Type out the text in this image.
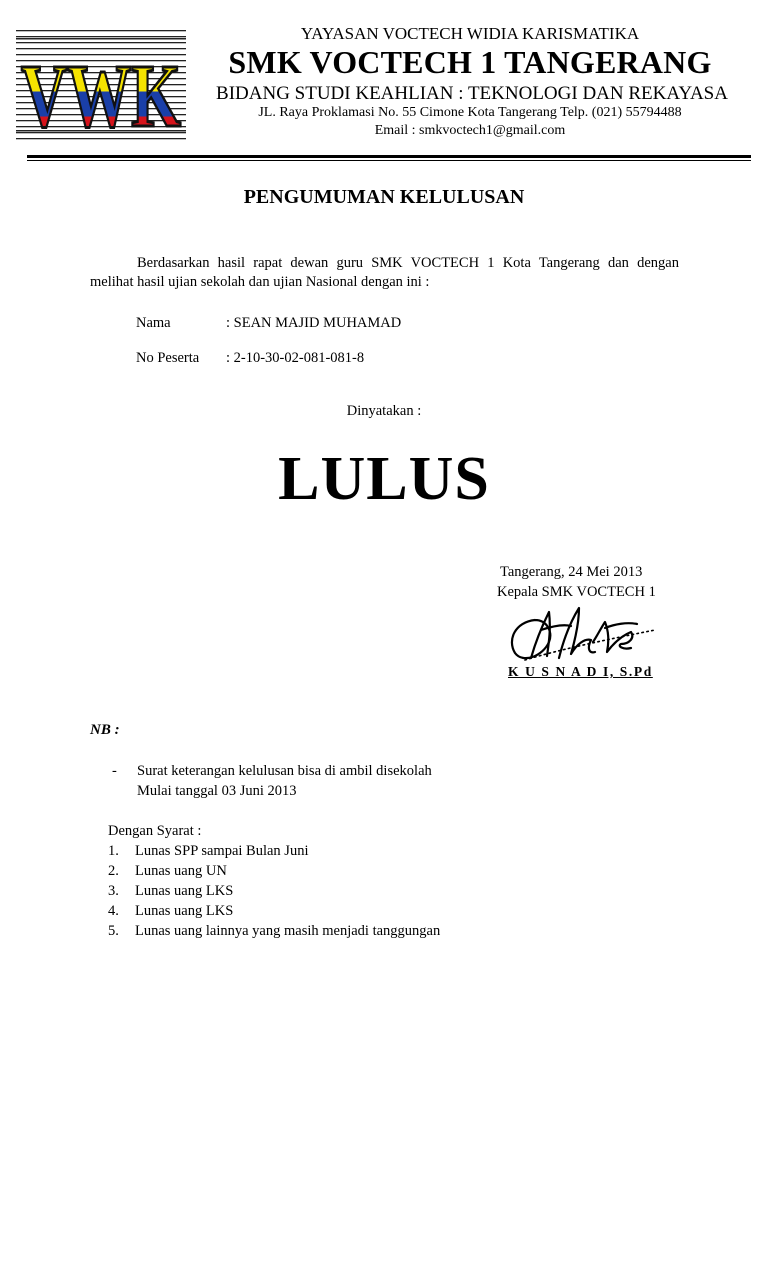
VWK
YAYASAN VOCTECH WIDIA KARISMATIKA
SMK VOCTECH 1 TANGERANG
BIDANG STUDI KEAHLIAN : TEKNOLOGI DAN REKAYASA
JL. Raya Proklamasi No. 55 Cimone Kota Tangerang Telp. (021) 55794488
Email : smkvoctech1@gmail.com
PENGUMUMAN KELULUSAN
Berdasarkan hasil rapat dewan guru SMK VOCTECH 1 Kota Tangerang dan dengan
melihat hasil ujian sekolah dan ujian Nasional dengan ini :
Nama	: SEAN MAJID MUHAMAD
No Peserta : 2-10-30-02-081-081-8
Dinyatakan :
LULUS
Tangerang, 24 Mei 2013
Kepala SMK VOCTECH 1
K U S N A D I, S.Pd
NB :
- Surat keterangan kelulusan bisa di ambil disekolah
Mulai tanggal 03 Juni 2013
Dengan Syarat :
1. Lunas SPP sampai Bulan Juni
2. Lunas uang UN
3. Lunas uang LKS
4. Lunas uang LKS
5. Lunas uang lainnya yang masih menjadi tanggungan
